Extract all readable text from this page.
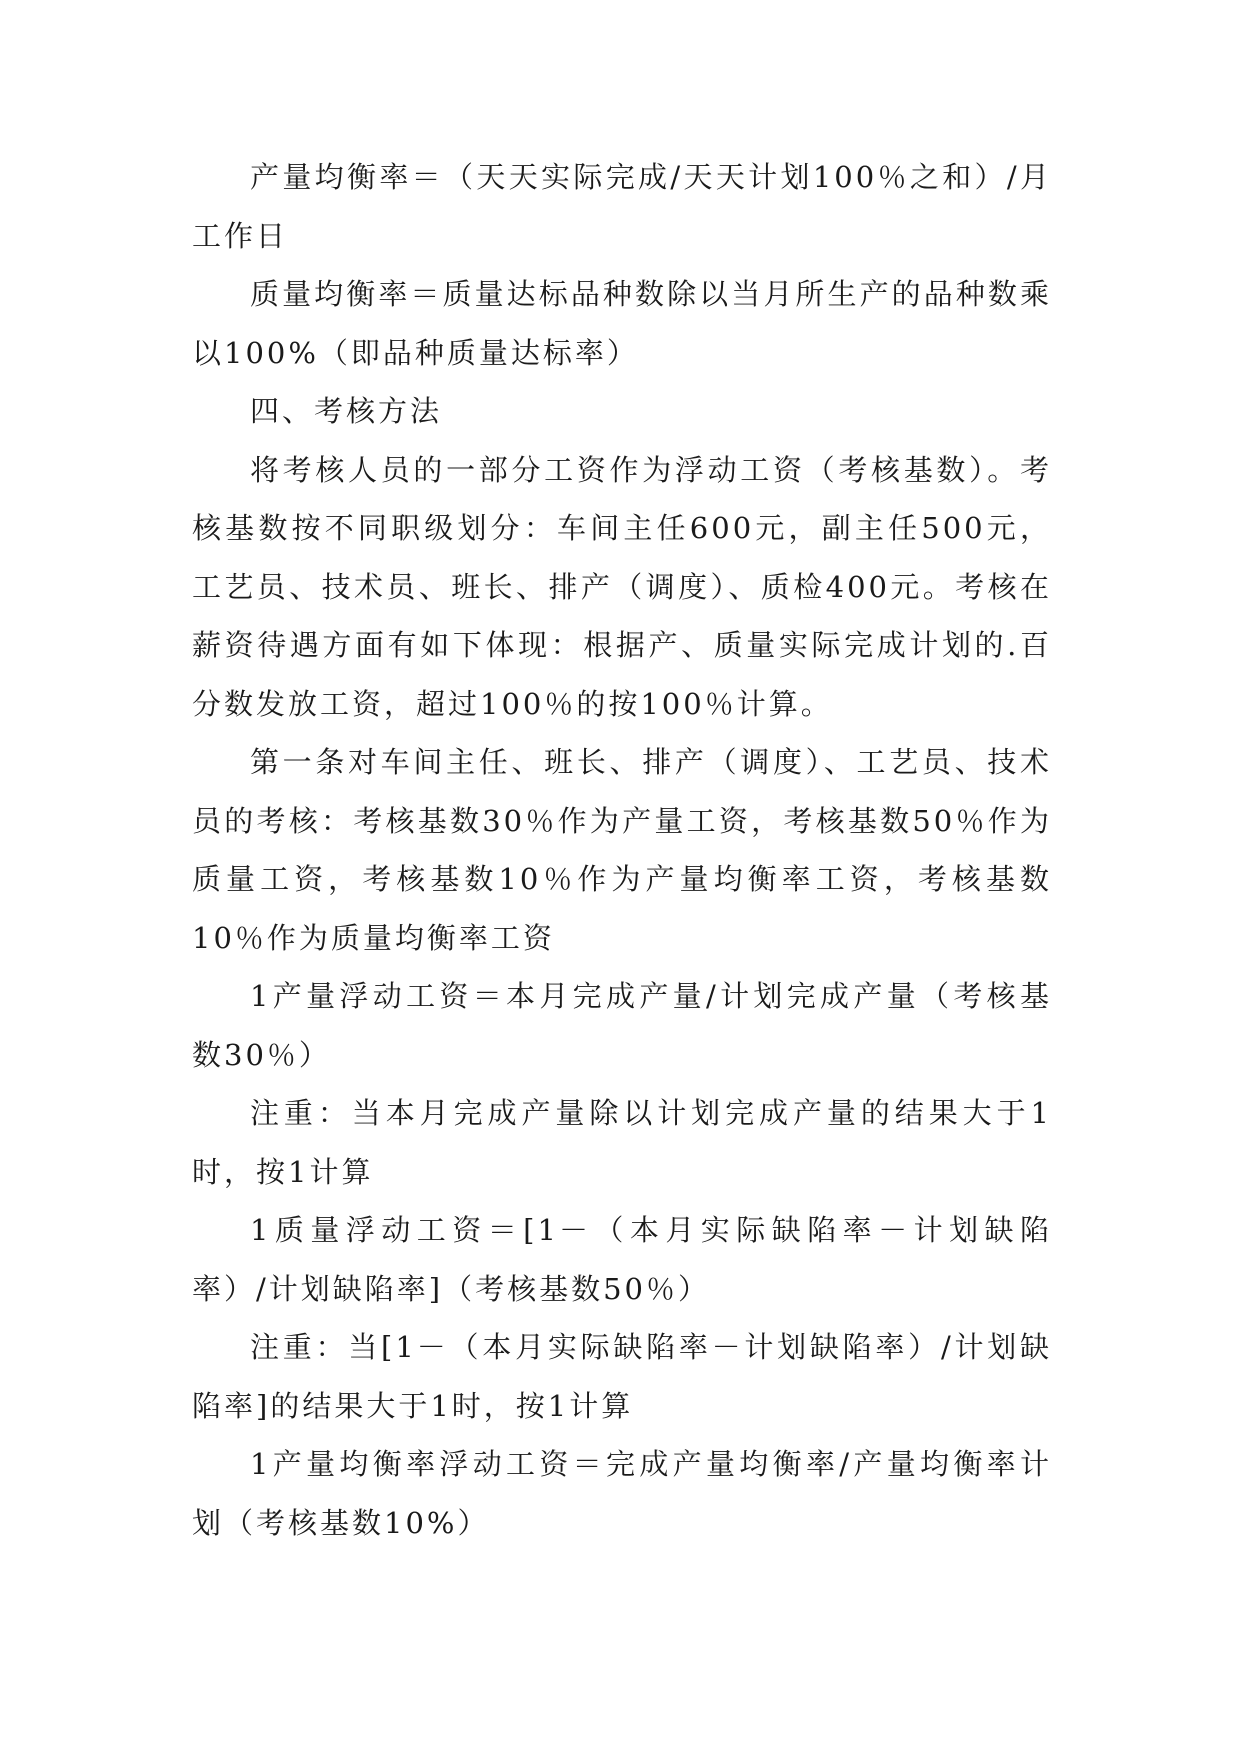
产量均衡率＝（天天实际完成/天天计划100％之和）/月工作日

质量均衡率＝质量达标品种数除以当月所生产的品种数乘以100%（即品种质量达标率）

四、考核方法

将考核人员的一部分工资作为浮动工资（考核基数）。考核基数按不同职级划分：车间主任600元，副主任500元，工艺员、技术员、班长、排产（调度）、质检400元。考核在薪资待遇方面有如下体现：根据产、质量实际完成计划的.百分数发放工资，超过100％的按100％计算。

第一条对车间主任、班长、排产（调度）、工艺员、技术员的考核：考核基数30％作为产量工资，考核基数50％作为质量工资，考核基数10％作为产量均衡率工资，考核基数10％作为质量均衡率工资

1产量浮动工资＝本月完成产量/计划完成产量（考核基数30％）

注重：当本月完成产量除以计划完成产量的结果大于1时，按1计算

1质量浮动工资＝[1－（本月实际缺陷率－计划缺陷率）/计划缺陷率]（考核基数50％）

注重：当[1－（本月实际缺陷率－计划缺陷率）/计划缺陷率]的结果大于1时，按1计算

1产量均衡率浮动工资＝完成产量均衡率/产量均衡率计划（考核基数10%）
